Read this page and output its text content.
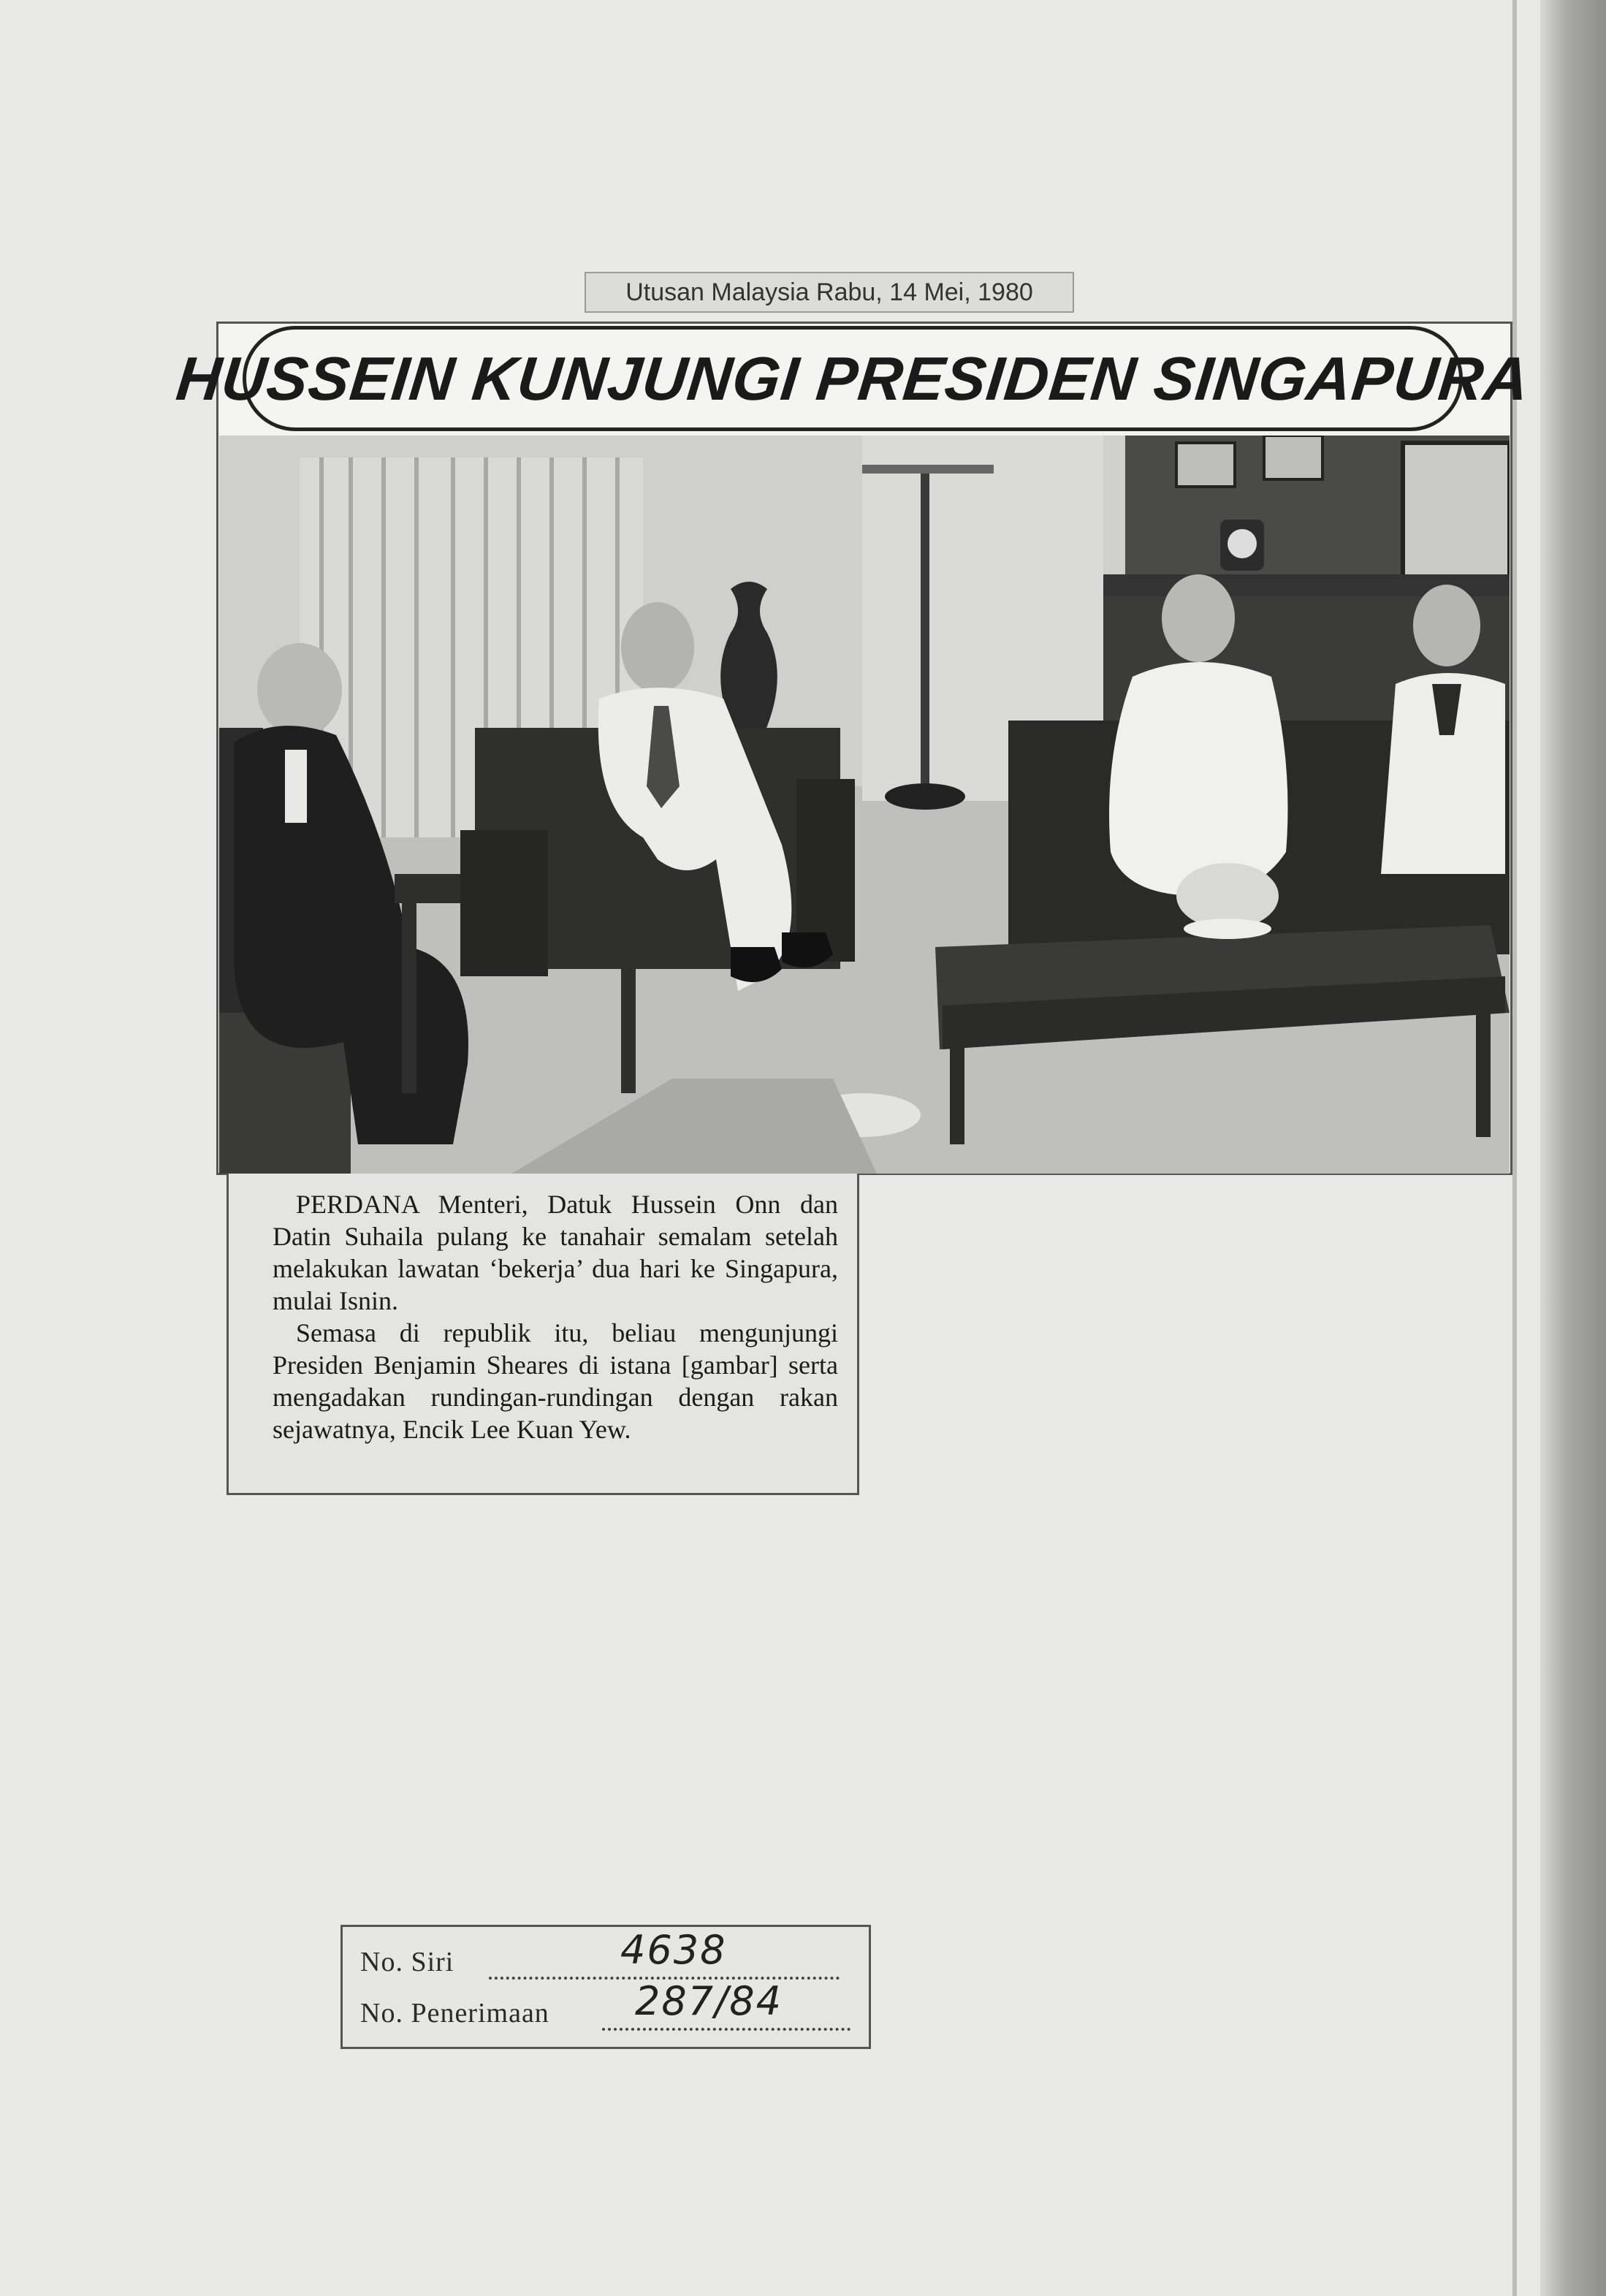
Utusan Malaysia Rabu, 14 Mei, 1980
HUSSEIN KUNJUNGI PRESIDEN SINGAPURA

PERDANA Menteri, Datuk Hussein Onn dan Datin Suhaila pulang ke tanahair semalam setelah melakukan lawatan ‘bekerja’ dua hari ke Singapura, mulai Isnin.

Semasa di republik itu, beliau mengunjungi Presiden Benjamin Sheares di istana [gambar] serta mengadakan rundingan-rundingan dengan rakan sejawatnya, Encik Lee Kuan Yew.

No. Siri	4638
No. Penerimaan 287/84
